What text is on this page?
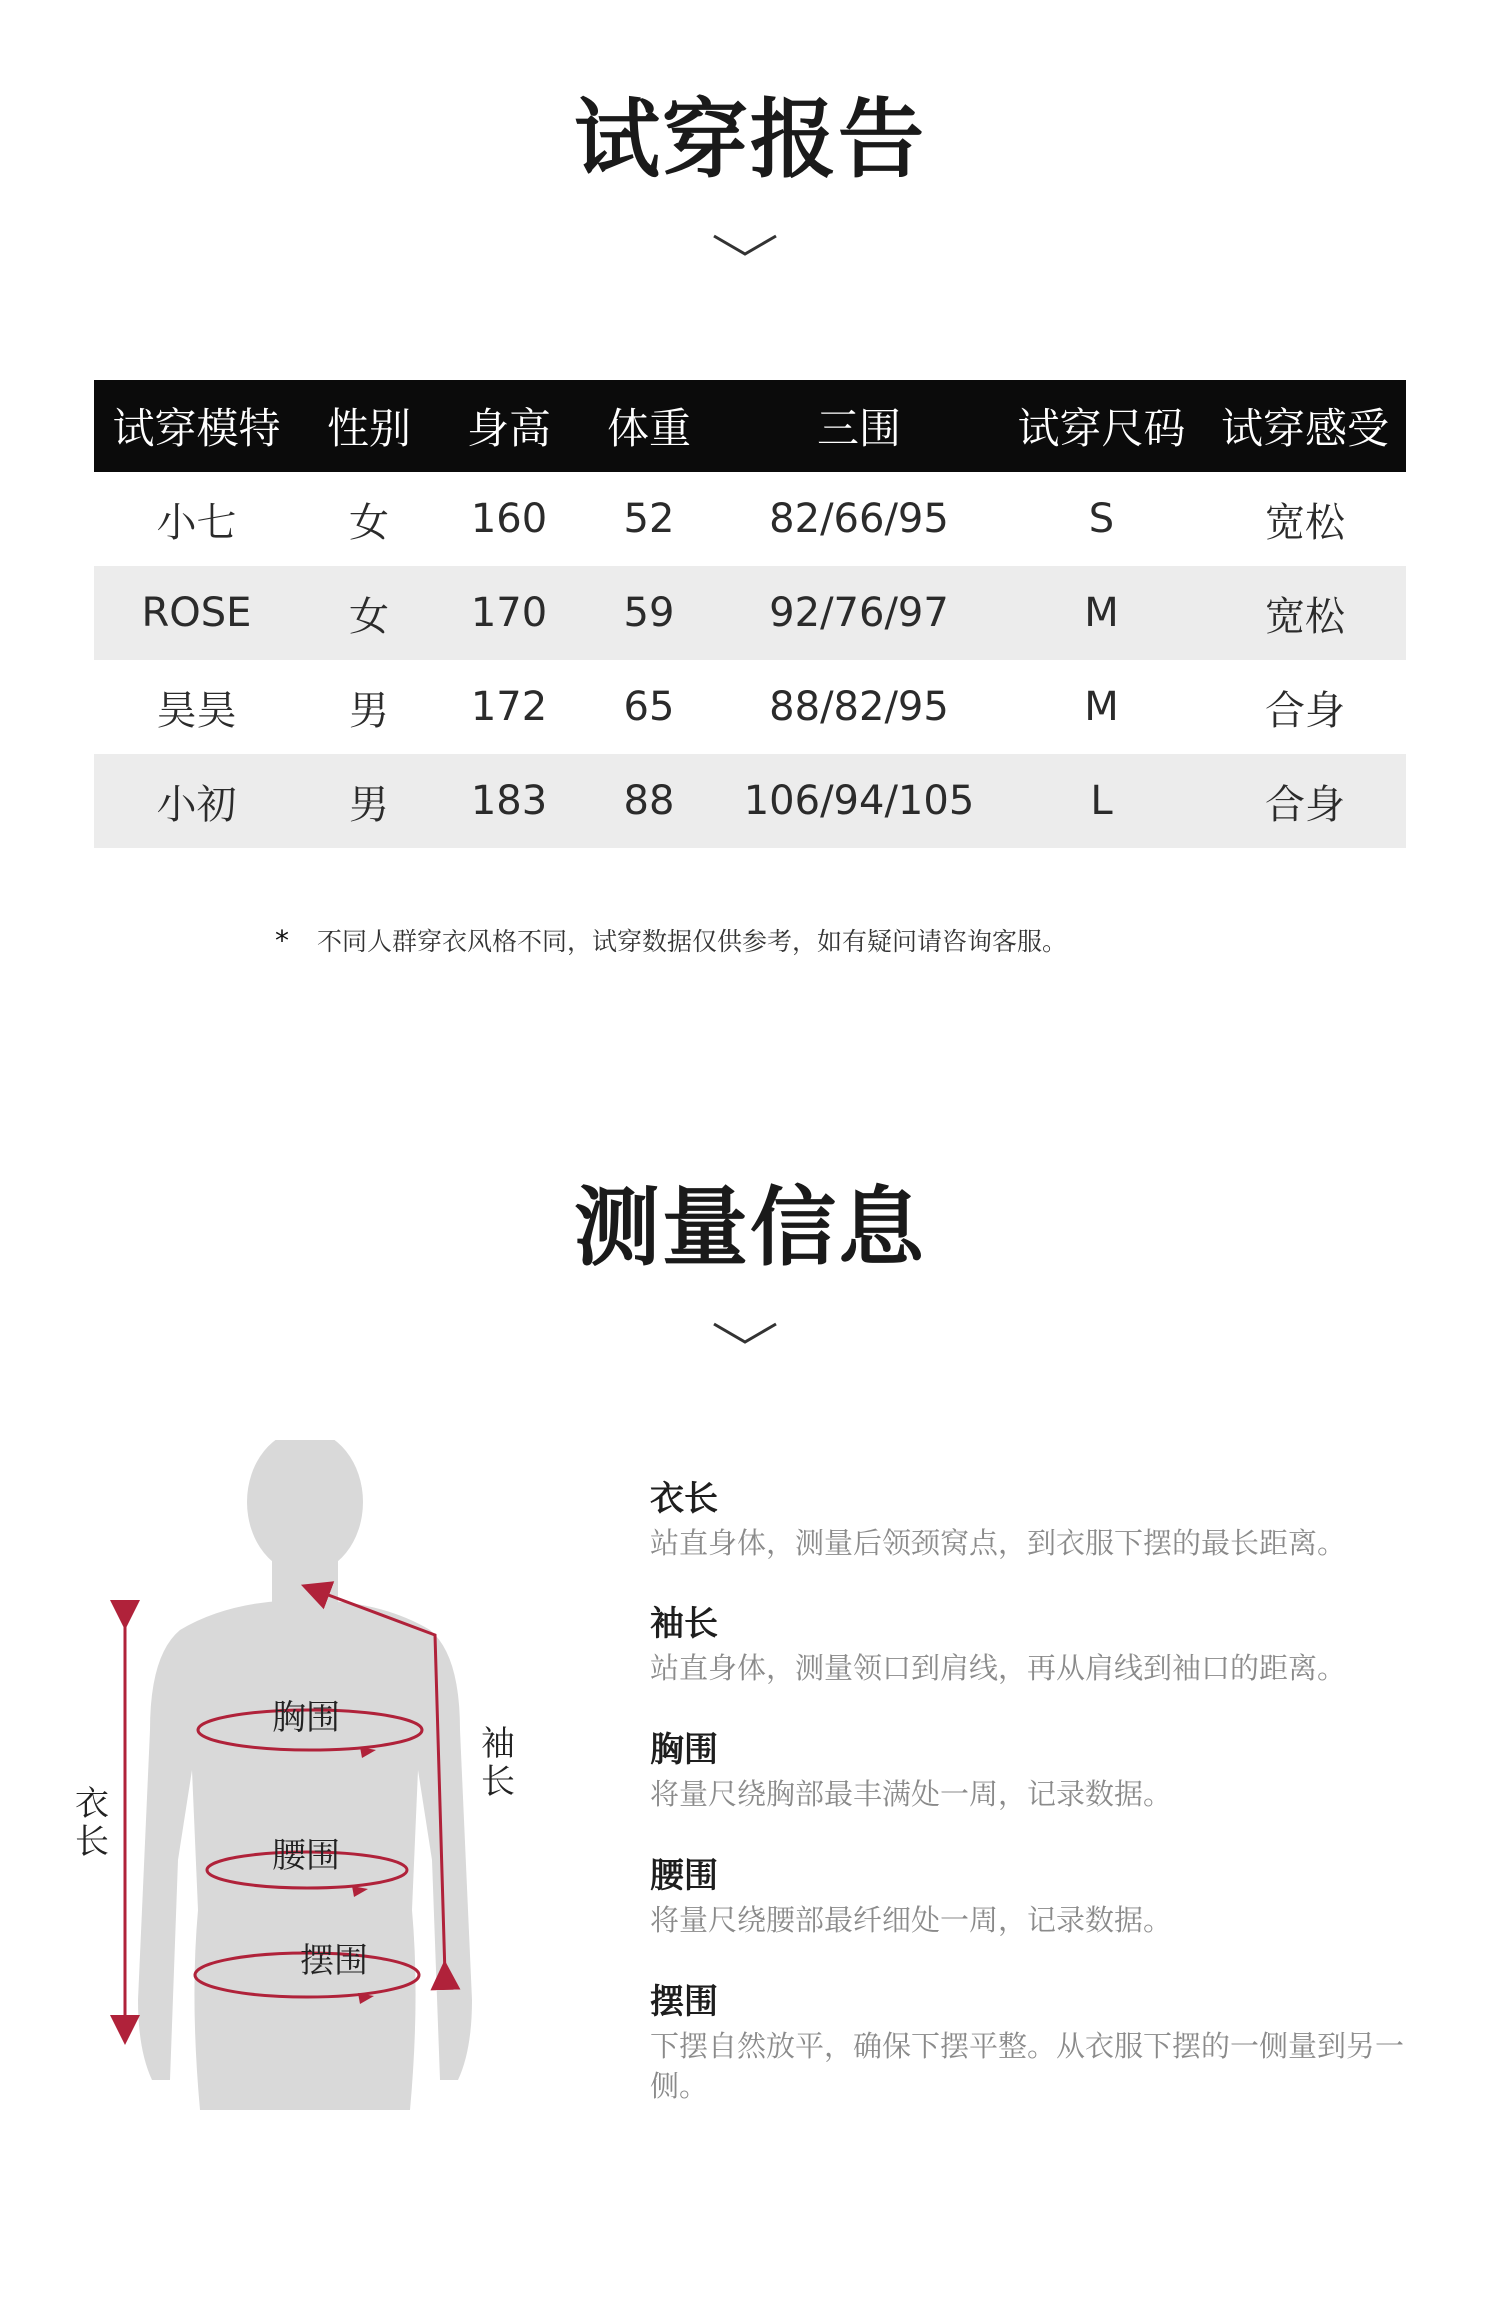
试穿报告
试穿模特	性别	身高	体重	三围	试穿尺码	试穿感受
小七	女	160	52	82/66/95	S	宽松
ROSE	女	170	59	92/76/97	M	宽松
昊昊	男	172	65	88/82/95	M	合身
小初	男	183	88	106/94/105	L	合身
* 不同人群穿衣风格不同，试穿数据仅供参考，如有疑问请咨询客服。
测量信息
胸围
腰围
摆围
衣长
袖长
衣长
站直身体，测量后领颈窝点，到衣服下摆的最长距离。
袖长
站直身体，测量领口到肩线，再从肩线到袖口的距离。
胸围
将量尺绕胸部最丰满处一周，记录数据。
腰围
将量尺绕腰部最纤细处一周，记录数据。
摆围
下摆自然放平，确保下摆平整。从衣服下摆的一侧量到另一侧。
